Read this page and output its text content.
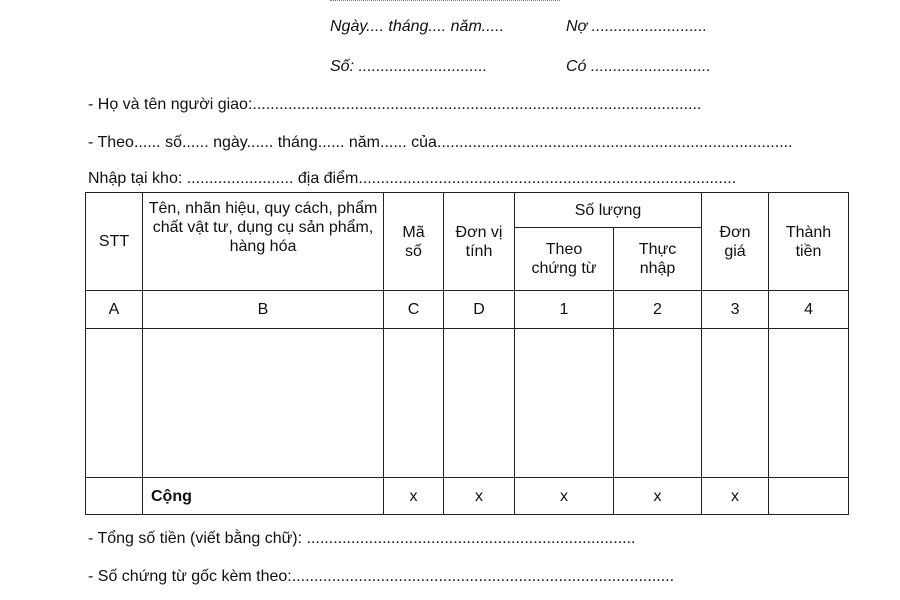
Ngày.... tháng.... năm.....	Nợ ..........................
Số: .............................	Có ...........................
- Họ và tên người giao:.....................................................................................................
- Theo...... số...... ngày...... tháng...... năm...... của................................................................................
Nhập tại kho: ........................ địa điểm.....................................................................................
STT	Tên, nhãn hiệu, quy cách, phẩm chất vật tư, dụng cụ sản phẩm, hàng hóa	Mã số	Đơn vị tính	Số lượng		Đơn giá	Thành tiền
				Theo chứng từ	Thực nhập		
A	B	C	D	1	2	3	4

	Cộng	x	x	x	x	x	
- Tổng số tiền (viết bằng chữ): ..........................................................................
- Số chứng từ gốc kèm theo:......................................................................................
